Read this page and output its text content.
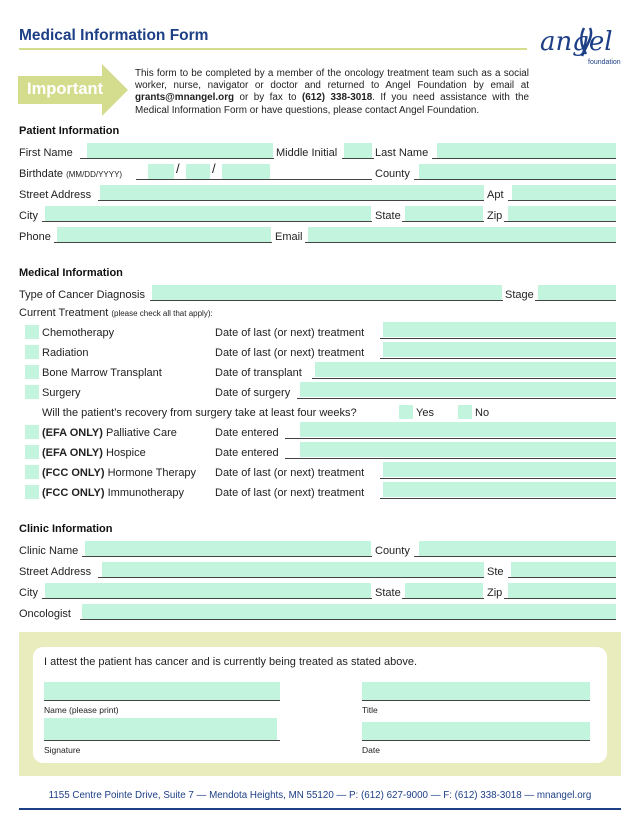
Medical Information Form	angel
foundation
Important
This form to be completed by a member of the oncology treatment team such as a social worker, nurse, navigator or doctor and returned to Angel Foundation by email at grants@mnangel.org or by fax to (612) 338-3018. If you need assistance with the Medical Information Form or have questions, please contact Angel Foundation.
Patient Information
First Name	Middle Initial	Last Name
Birthdate (MM/DD/YYYY)	/ /	County
Street Address	Apt
City	State	Zip
Phone	Email
Medical Information
Type of Cancer Diagnosis	Stage
Current Treatment (please check all that apply):
Chemotherapy	Date of last (or next) treatment
Radiation	Date of last (or next) treatment
Bone Marrow Transplant	Date of transplant
Surgery	Date of surgery
Will the patient’s recovery from surgery take at least four weeks?	Yes	No
(EFA ONLY) Palliative Care	Date entered
(EFA ONLY) Hospice	Date entered
(FCC ONLY) Hormone Therapy Date of last (or next) treatment
(FCC ONLY) Immunotherapy	Date of last (or next) treatment
Clinic Information
Clinic Name	County
Street Address	Ste
City	State	Zip
Oncologist
I attest the patient has cancer and is currently being treated as stated above.
Name (please print)	Title
Signature	Date
1155 Centre Pointe Drive, Suite 7 — Mendota Heights, MN 55120 — P: (612) 627-9000 — F: (612) 338-3018 — mnangel.org
